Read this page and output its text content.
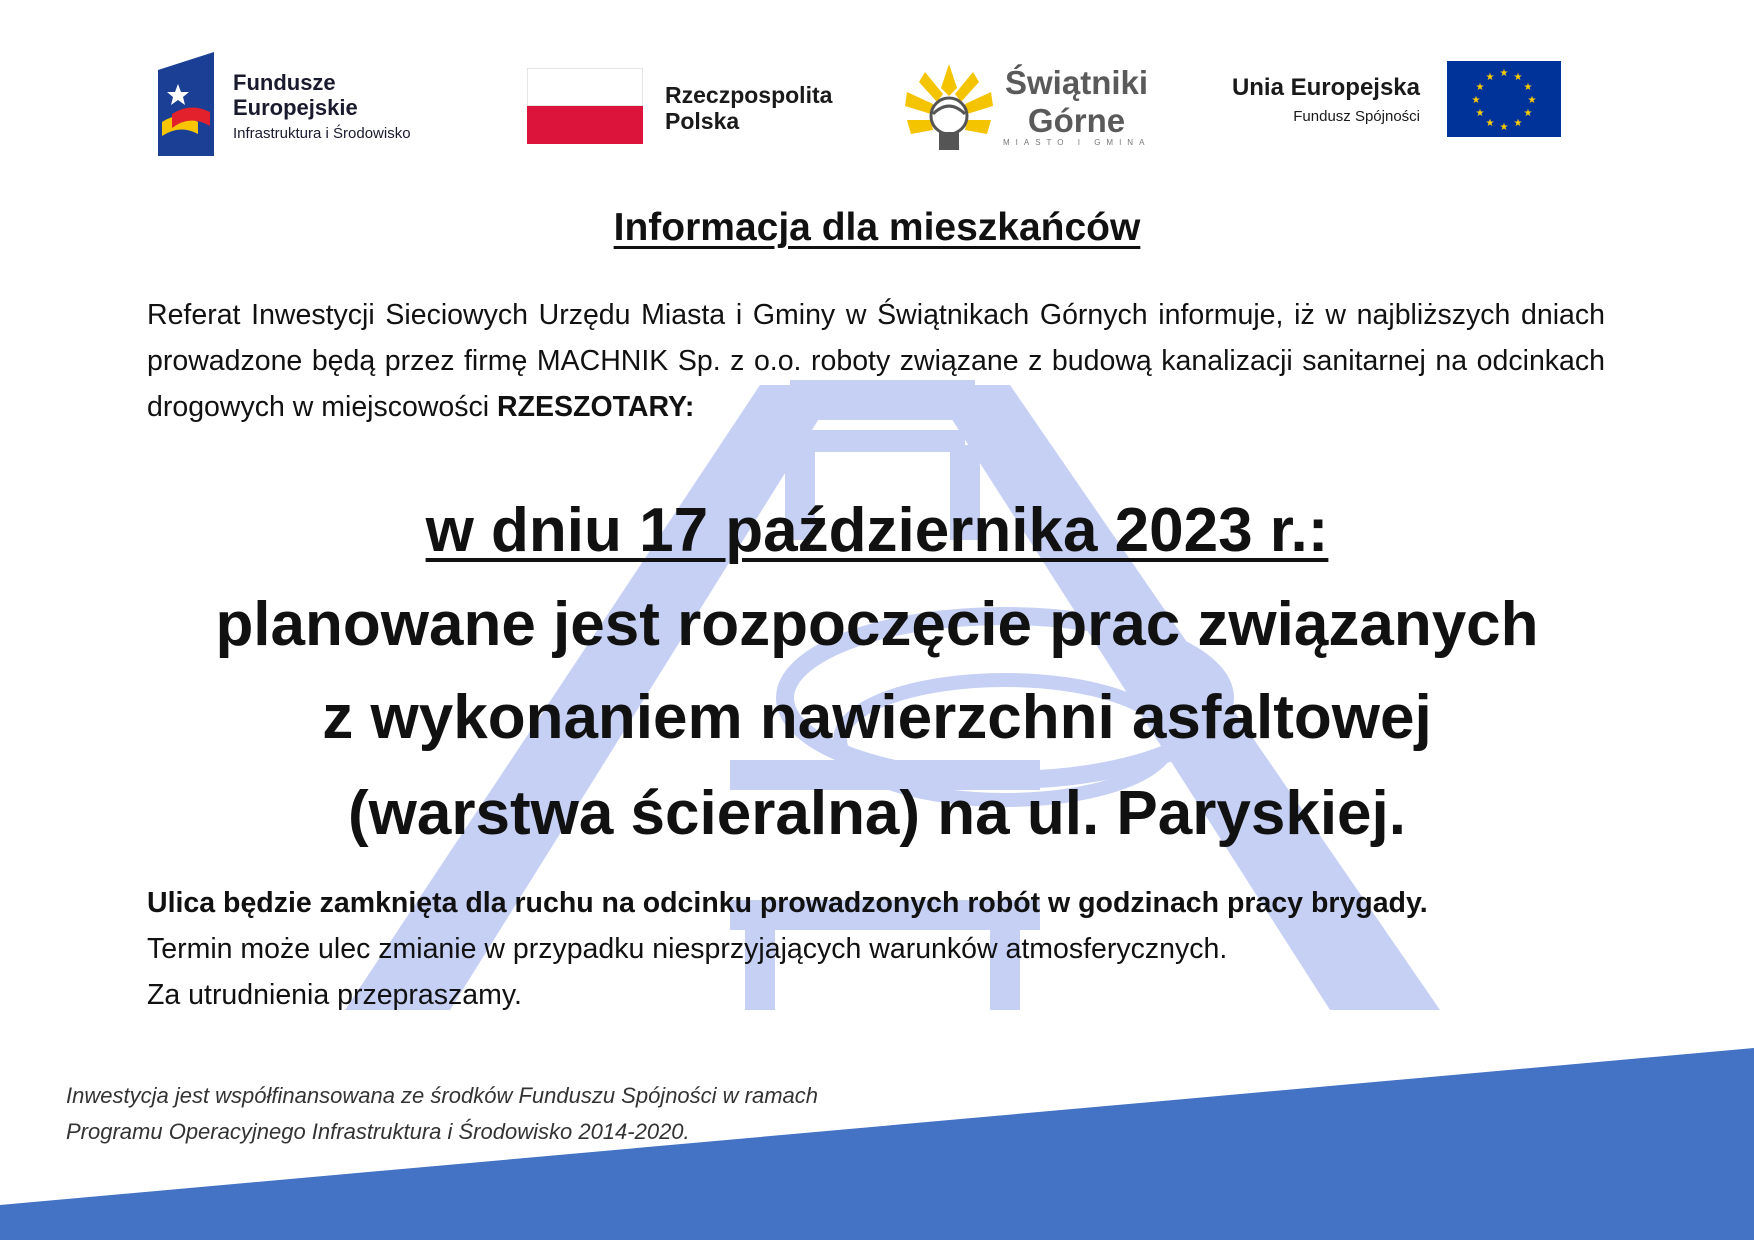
Fundusze
Europejskie
Infrastruktura i Środowisko
Rzeczpospolita
Polska
Świątniki
Górne
MIASTO I GMINA
Unia Europejska
Fundusz Spójności
★ ★
★
★
★
★
★
★
★
★
★
★
Informacja dla mieszkańców
Referat Inwestycji Sieciowych Urzędu Miasta i Gminy w Świątnikach Górnych informuje, iż w najbliższych dniach prowadzone będą przez firmę MACHNIK Sp. z o.o. roboty związane z budową kanalizacji sanitarnej na odcinkach drogowych w miejscowości RZESZOTARY:
w dniu 17 października 2023 r.:
planowane jest rozpoczęcie prac związanych
z wykonaniem nawierzchni asfaltowej
(warstwa ścieralna) na ul. Paryskiej.
Ulica będzie zamknięta dla ruchu na odcinku prowadzonych robót w godzinach pracy brygady.
Termin może ulec zmianie w przypadku niesprzyjających warunków atmosferycznych.
Za utrudnienia przepraszamy.
Inwestycja jest współfinansowana ze środków Funduszu Spójności w ramach
Programu Operacyjnego Infrastruktura i Środowisko 2014-2020.
